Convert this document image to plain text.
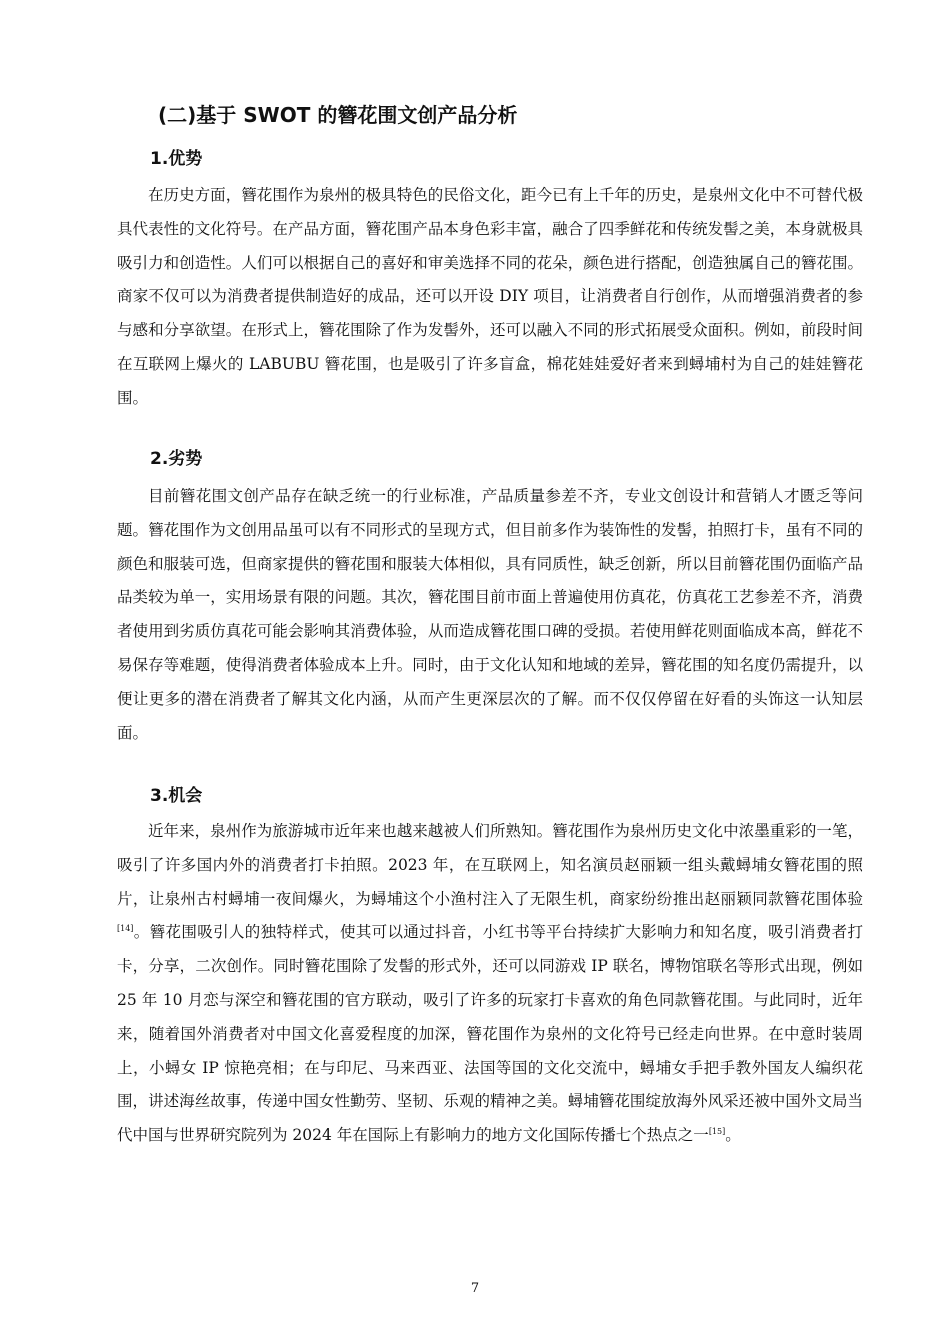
(二)基于 SWOT 的簪花围文创产品分析
1.优势

在历史方面，簪花围作为泉州的极具特色的民俗文化，距今已有上千年的历史，是泉州文化中不可替代极具代表性的文化符号。在产品方面，簪花围产品本身色彩丰富，融合了四季鲜花和传统发髻之美，本身就极具吸引力和创造性。人们可以根据自己的喜好和审美选择不同的花朵，颜色进行搭配，创造独属自己的簪花围。商家不仅可以为消费者提供制造好的成品，还可以开设 DIY 项目，让消费者自行创作，从而增强消费者的参与感和分享欲望。在形式上，簪花围除了作为发髻外，还可以融入不同的形式拓展受众面积。例如，前段时间在互联网上爆火的 LABUBU 簪花围，也是吸引了许多盲盒，棉花娃娃爱好者来到蟳埔村为自己的娃娃簪花围。

2.劣势

目前簪花围文创产品存在缺乏统一的行业标准，产品质量参差不齐，专业文创设计和营销人才匮乏等问题。簪花围作为文创用品虽可以有不同形式的呈现方式，但目前多作为装饰性的发髻，拍照打卡，虽有不同的颜色和服装可选，但商家提供的簪花围和服装大体相似，具有同质性，缺乏创新，所以目前簪花围仍面临产品品类较为单一，实用场景有限的问题。其次，簪花围目前市面上普遍使用仿真花，仿真花工艺参差不齐，消费者使用到劣质仿真花可能会影响其消费体验，从而造成簪花围口碑的受损。若使用鲜花则面临成本高，鲜花不易保存等难题，使得消费者体验成本上升。同时，由于文化认知和地域的差异，簪花围的知名度仍需提升，以便让更多的潜在消费者了解其文化内涵，从而产生更深层次的了解。而不仅仅停留在好看的头饰这一认知层面。

3.机会

近年来，泉州作为旅游城市近年来也越来越被人们所熟知。簪花围作为泉州历史文化中浓墨重彩的一笔，吸引了许多国内外的消费者打卡拍照。2023 年，在互联网上，知名演员赵丽颖一组头戴蟳埔女簪花围的照片，让泉州古村蟳埔一夜间爆火，为蟳埔这个小渔村注入了无限生机，商家纷纷推出赵丽颖同款簪花围体验[14]。簪花围吸引人的独特样式，使其可以通过抖音，小红书等平台持续扩大影响力和知名度，吸引消费者打卡，分享，二次创作。同时簪花围除了发髻的形式外，还可以同游戏 IP 联名，博物馆联名等形式出现，例如 25 年 10 月恋与深空和簪花围的官方联动，吸引了许多的玩家打卡喜欢的角色同款簪花围。与此同时，近年来，随着国外消费者对中国文化喜爱程度的加深，簪花围作为泉州的文化符号已经走向世界。在中意时装周上，小蟳女 IP 惊艳亮相；在与印尼、马来西亚、法国等国的文化交流中，蟳埔女手把手教外国友人编织花围，讲述海丝故事，传递中国女性勤劳、坚韧、乐观的精神之美。蟳埔簪花围绽放海外风采还被中国外文局当代中国与世界研究院列为 2024 年在国际上有影响力的地方文化国际传播七个热点之一[15]。

7
